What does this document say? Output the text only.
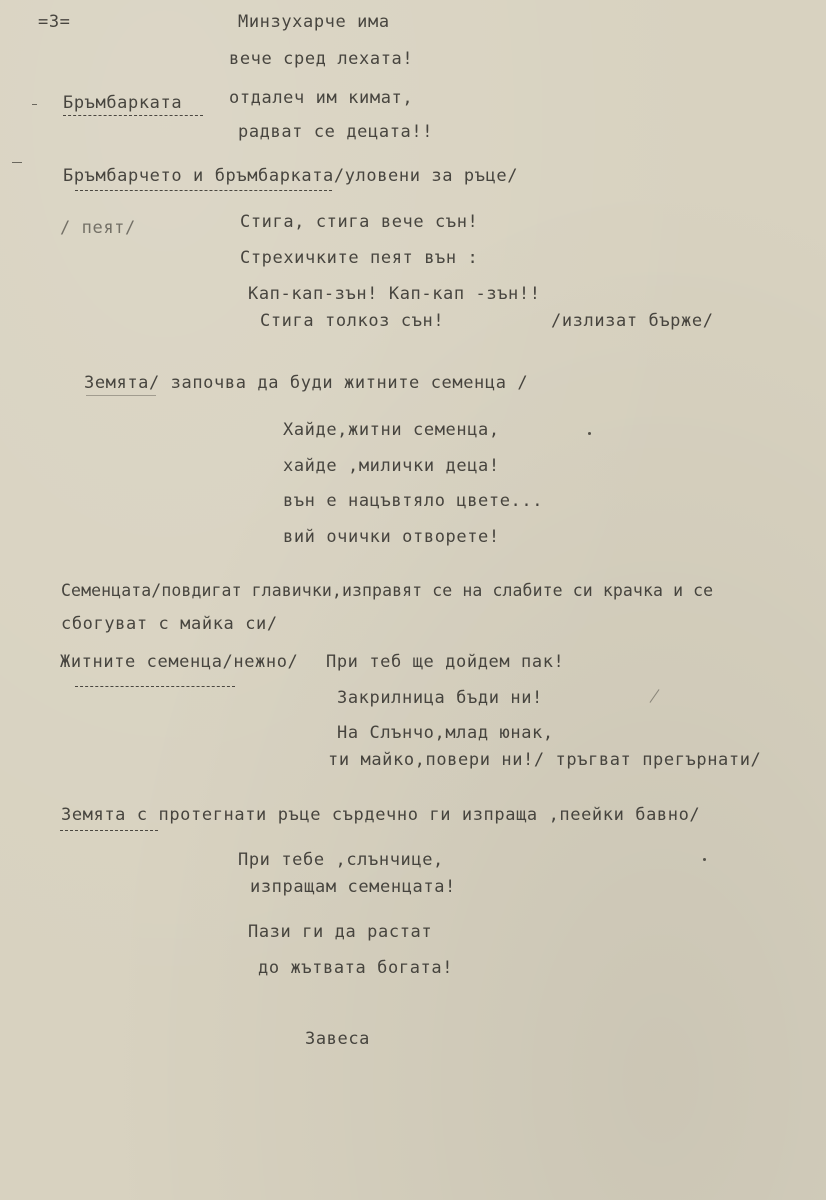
=3=	Минзухарче има
вече сред лехата!
Бръмбарката	отдалеч им кимат,
радват се децата!!
Бръмбарчето и бръмбарката/уловени за ръце/
/ пеят/	Стига, стига вече сън!
Стрехичките пеят вън :
Кап-кап-зън! Кап-кап -зън!!
Стига толкоз сън!	/излизат бърже/
Земята/ започва да буди житните семенца /
Хайде,житни семенца,
хайде ,милички деца!
вън е нацъвтяло цвете...
вий очички отворете!
Семенцата/повдигат главички,изправят се на слабите си крачка и се
сбогуват с майка си/
Житните семенца/нежно/ При теб ще дойдем пак!
Закрилница бъди ни!
На Слънчо,млад юнак,
ти майко,повери ни!/ тръгват прегърнати/
Земята с протегнати ръце сърдечно ги изпраща ,пеейки бавно/
При тебе ,слънчице,
изпращам семенцата!
Пази ги да растат
до жътвата богата!
Завеса
